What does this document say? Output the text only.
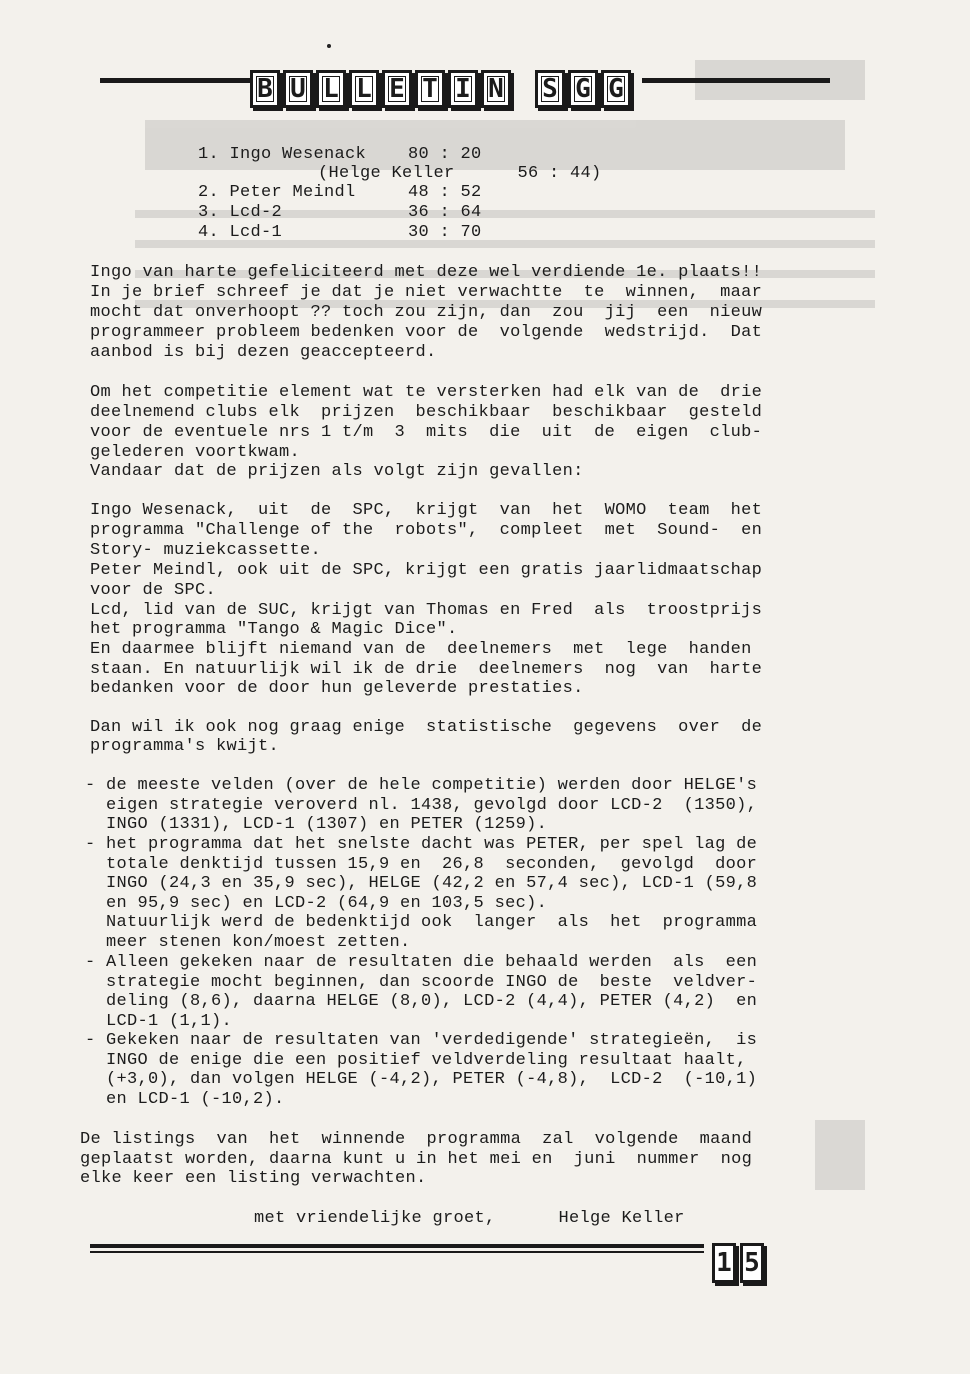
B U L L E T I N S G G
1. Ingo Wesenack    80 : 20
(Helge Keller      56 : 44)
2. Peter Meindl     48 : 52
3. Lcd-2            36 : 64
4. Lcd-1            30 : 70
Ingo van harte gefeliciteerd met deze wel verdiende 1e. plaats!!
In je brief schreef je dat je niet verwachtte  te  winnen,  maar
mocht dat onverhoopt ?? toch zou zijn, dan  zou  jij  een  nieuw
programmeer probleem bedenken voor de  volgende  wedstrijd.  Dat
aanbod is bij dezen geaccepteerd.
Om het competitie element wat te versterken had elk van de  drie
deelnemend clubs elk  prijzen  beschikbaar  beschikbaar  gesteld
voor de eventuele nrs 1 t/m  3  mits  die  uit  de  eigen  club-
gelederen voortkwam.
Vandaar dat de prijzen als volgt zijn gevallen:
Ingo Wesenack,  uit  de  SPC,  krijgt  van  het  WOMO  team  het
programma "Challenge of the  robots",  compleet  met  Sound-  en
Story- muziekcassette.
Peter Meindl, ook uit de SPC, krijgt een gratis jaarlidmaatschap
voor de SPC.
Lcd, lid van de SUC, krijgt van Thomas en Fred  als  troostprijs
het programma "Tango & Magic Dice".
En daarmee blijft niemand van de  deelnemers  met  lege  handen
staan. En natuurlijk wil ik de drie  deelnemers  nog  van  harte
bedanken voor de door hun geleverde prestaties.
Dan wil ik ook nog graag enige  statistische  gegevens  over  de
programma's kwijt.
- de meeste velden (over de hele competitie) werden door HELGE's
eigen strategie veroverd nl. 1438, gevolgd door LCD-2  (1350),
INGO (1331), LCD-1 (1307) en PETER (1259).
- het programma dat het snelste dacht was PETER, per spel lag de
totale denktijd tussen 15,9 en  26,8  seconden,  gevolgd  door
INGO (24,3 en 35,9 sec), HELGE (42,2 en 57,4 sec), LCD-1 (59,8
en 95,9 sec) en LCD-2 (64,9 en 103,5 sec).
Natuurlijk werd de bedenktijd ook  langer  als  het  programma
meer stenen kon/moest zetten.
- Alleen gekeken naar de resultaten die behaald werden  als  een
strategie mocht beginnen, dan scoorde INGO de  beste  veldver-
deling (8,6), daarna HELGE (8,0), LCD-2 (4,4), PETER (4,2)  en
LCD-1 (1,1).
- Gekeken naar de resultaten van 'verdedigende' strategieën,  is
INGO de enige die een positief veldverdeling resultaat haalt,
(+3,0), dan volgen HELGE (-4,2), PETER (-4,8),  LCD-2  (-10,1)
en LCD-1 (-10,2).
De listings  van  het  winnende  programma  zal  volgende  maand
geplaatst worden, daarna kunt u in het mei en  juni  nummer  nog
elke keer een listing verwachten.
met vriendelijke groet,      Helge Keller
1 5
